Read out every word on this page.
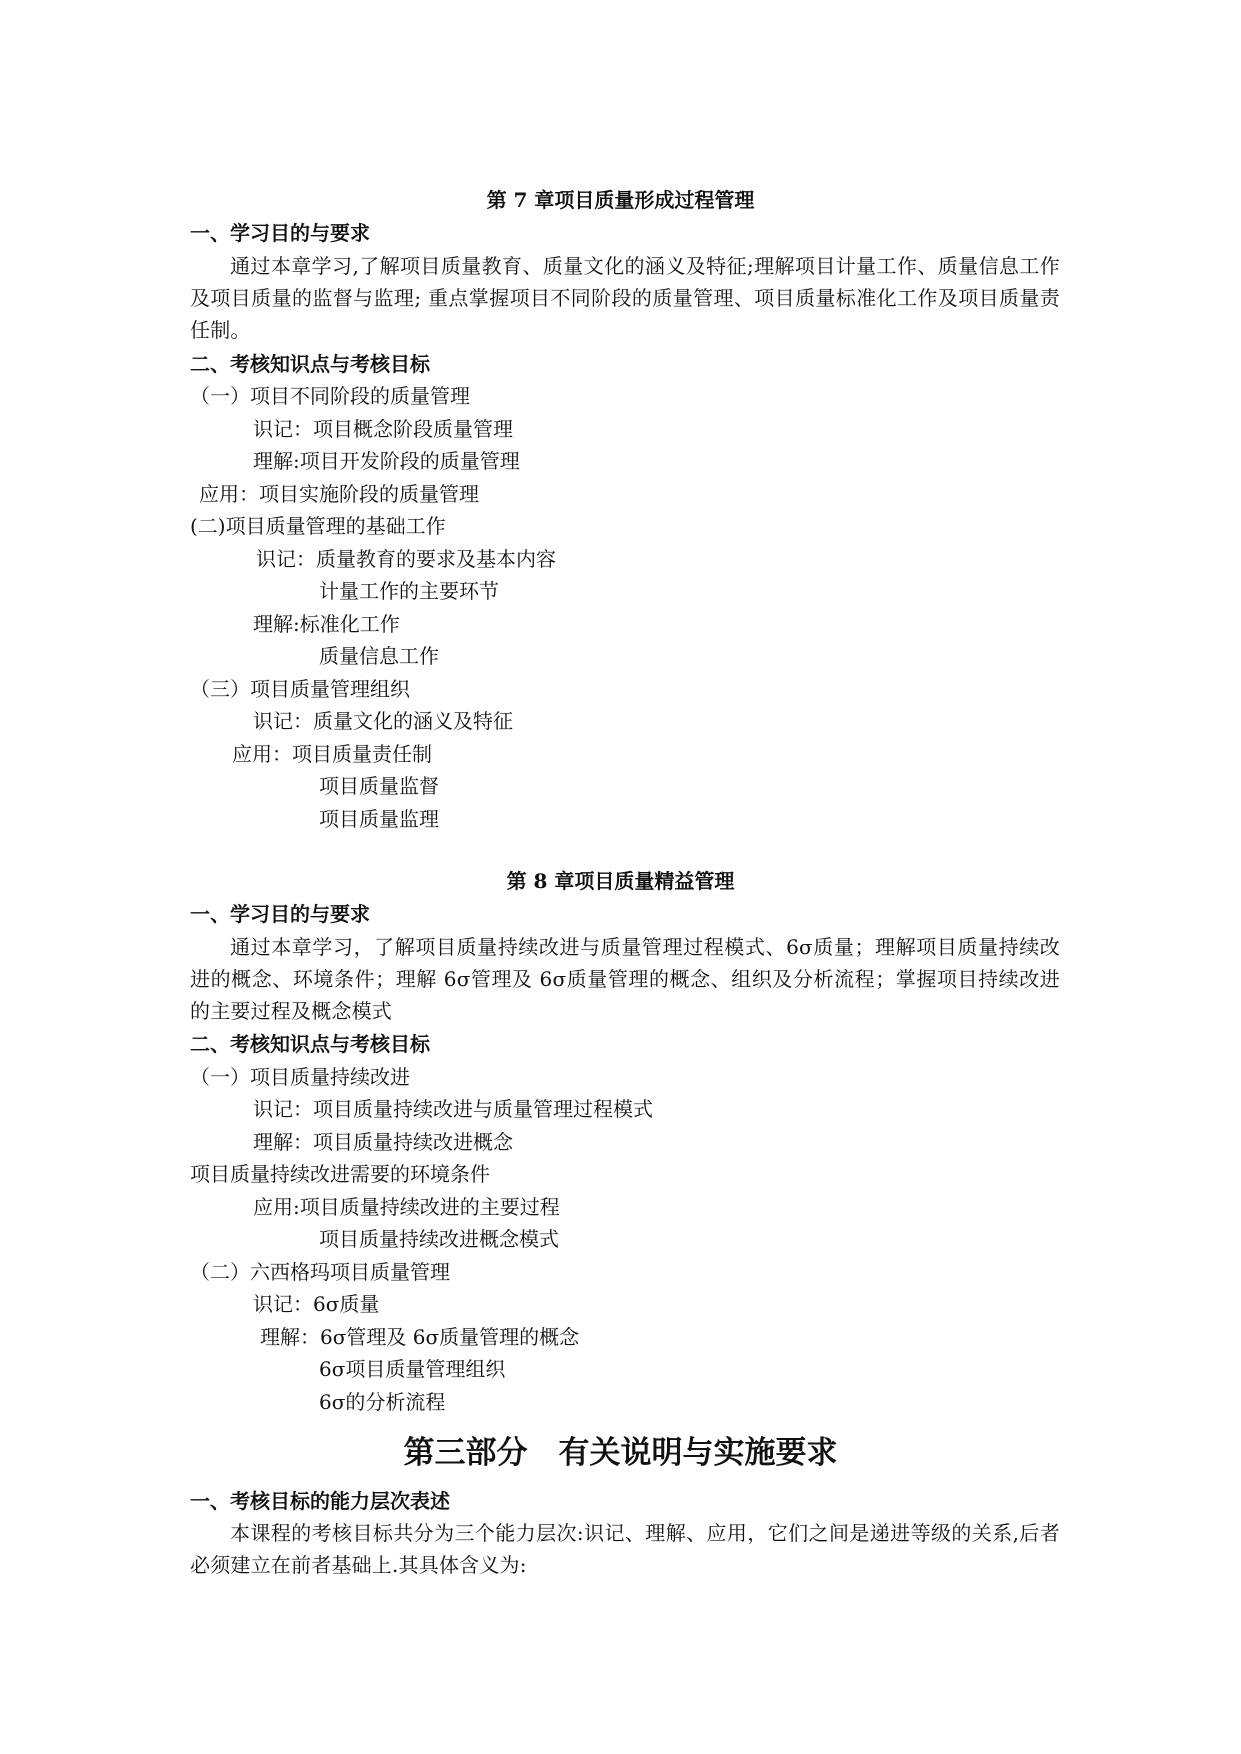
第 7 章项目质量形成过程管理
一、学习目的与要求
通过本章学习,了解项目质量教育、质量文化的涵义及特征;理解项目计量工作、质量信息工作及项目质量的监督与监理; 重点掌握项目不同阶段的质量管理、项目质量标准化工作及项目质量责任制。
二、考核知识点与考核目标
（一）项目不同阶段的质量管理
识记：项目概念阶段质量管理
理解:项目开发阶段的质量管理
应用：项目实施阶段的质量管理
(二)项目质量管理的基础工作
识记：质量教育的要求及基本内容
计量工作的主要环节
理解:标准化工作
质量信息工作
（三）项目质量管理组织
识记：质量文化的涵义及特征
应用：项目质量责任制
项目质量监督
项目质量监理
第 8 章项目质量精益管理
一、学习目的与要求
通过本章学习，了解项目质量持续改进与质量管理过程模式、6σ质量；理解项目质量持续改进的概念、环境条件；理解 6σ管理及 6σ质量管理的概念、组织及分析流程；掌握项目持续改进的主要过程及概念模式
二、考核知识点与考核目标
（一）项目质量持续改进
识记：项目质量持续改进与质量管理过程模式
理解：项目质量持续改进概念
项目质量持续改进需要的环境条件
应用:项目质量持续改进的主要过程
项目质量持续改进概念模式
（二）六西格玛项目质量管理
识记：6σ质量
理解：6σ管理及 6σ质量管理的概念
6σ项目质量管理组织
6σ的分析流程
第三部分　有关说明与实施要求
一、考核目标的能力层次表述
本课程的考核目标共分为三个能力层次:识记、理解、应用，它们之间是递进等级的关系,后者必须建立在前者基础上.其具体含义为:
